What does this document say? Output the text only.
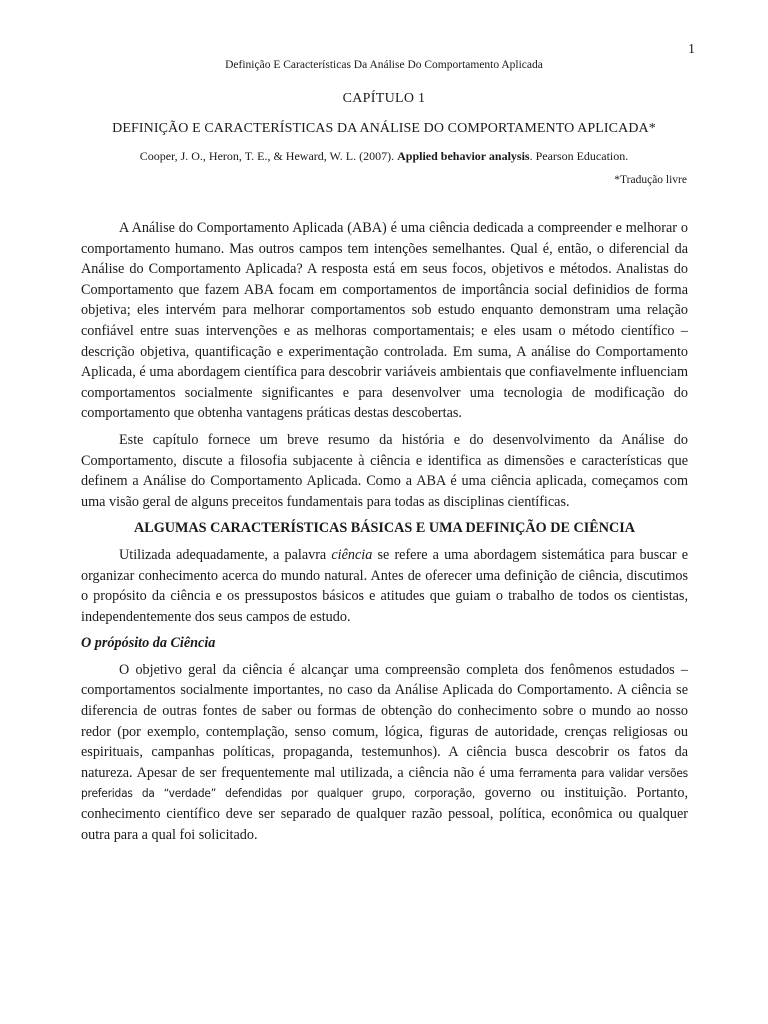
1
Definição E Características Da Análise Do Comportamento Aplicada
CAPÍTULO 1
DEFINIÇÃO E CARACTERÍSTICAS DA ANÁLISE DO COMPORTAMENTO APLICADA*
Cooper, J. O., Heron, T. E., & Heward, W. L. (2007). Applied behavior analysis. Pearson Education.
*Tradução livre

A Análise do Comportamento Aplicada (ABA) é uma ciência dedicada a compreender e melhorar o comportamento humano. Mas outros campos tem intenções semelhantes. Qual é, então, o diferencial da Análise do Comportamento Aplicada? A resposta está em seus focos, objetivos e métodos. Analistas do Comportamento que fazem ABA focam em comportamentos de importância social definidios de forma objetiva; eles intervém para melhorar comportamentos sob estudo enquanto demonstram uma relação confiável entre suas intervenções e as melhoras comportamentais; e eles usam o método científico – descrição objetiva, quantificação e experimentação controlada. Em suma, A análise do Comportamento Aplicada, é uma abordagem científica para descobrir variáveis ambientais que confiavelmente influenciam comportamentos socialmente significantes e para desenvolver uma tecnologia de modificação do comportamento que obtenha vantagens práticas destas descobertas.

Este capítulo fornece um breve resumo da história e do desenvolvimento da Análise do Comportamento, discute a filosofia subjacente à ciência e identifica as dimensões e características que definem a Análise do Comportamento Aplicada. Como a ABA é uma ciência aplicada, começamos com uma visão geral de alguns preceitos fundamentais para todas as disciplinas científicas.

ALGUMAS CARACTERÍSTICAS BÁSICAS E UMA DEFINIÇÃO DE CIÊNCIA

Utilizada adequadamente, a palavra ciência se refere a uma abordagem sistemática para buscar e organizar conhecimento acerca do mundo natural. Antes de oferecer uma definição de ciência, discutimos o propósito da ciência e os pressupostos básicos e atitudes que guiam o trabalho de todos os cientistas, independentemente dos seus campos de estudo.

O própósito da Ciência

O objetivo geral da ciência é alcançar uma compreensão completa dos fenômenos estudados – comportamentos socialmente importantes, no caso da Análise Aplicada do Comportamento. A ciência se diferencia de outras fontes de saber ou formas de obtenção do conhecimento sobre o mundo ao nosso redor (por exemplo, contemplação, senso comum, lógica, figuras de autoridade, crenças religiosas ou espirituais, campanhas políticas, propaganda, testemunhos). A ciência busca descobrir os fatos da natureza. Apesar de ser frequentemente mal utilizada, a ciência não é uma ferramenta para validar versões preferidas da “verdade” defendidas por qualquer grupo, corporação, governo ou instituição. Portanto, conhecimento científico deve ser separado de qualquer razão pessoal, política, econômica ou qualquer outra para a qual foi solicitado.
